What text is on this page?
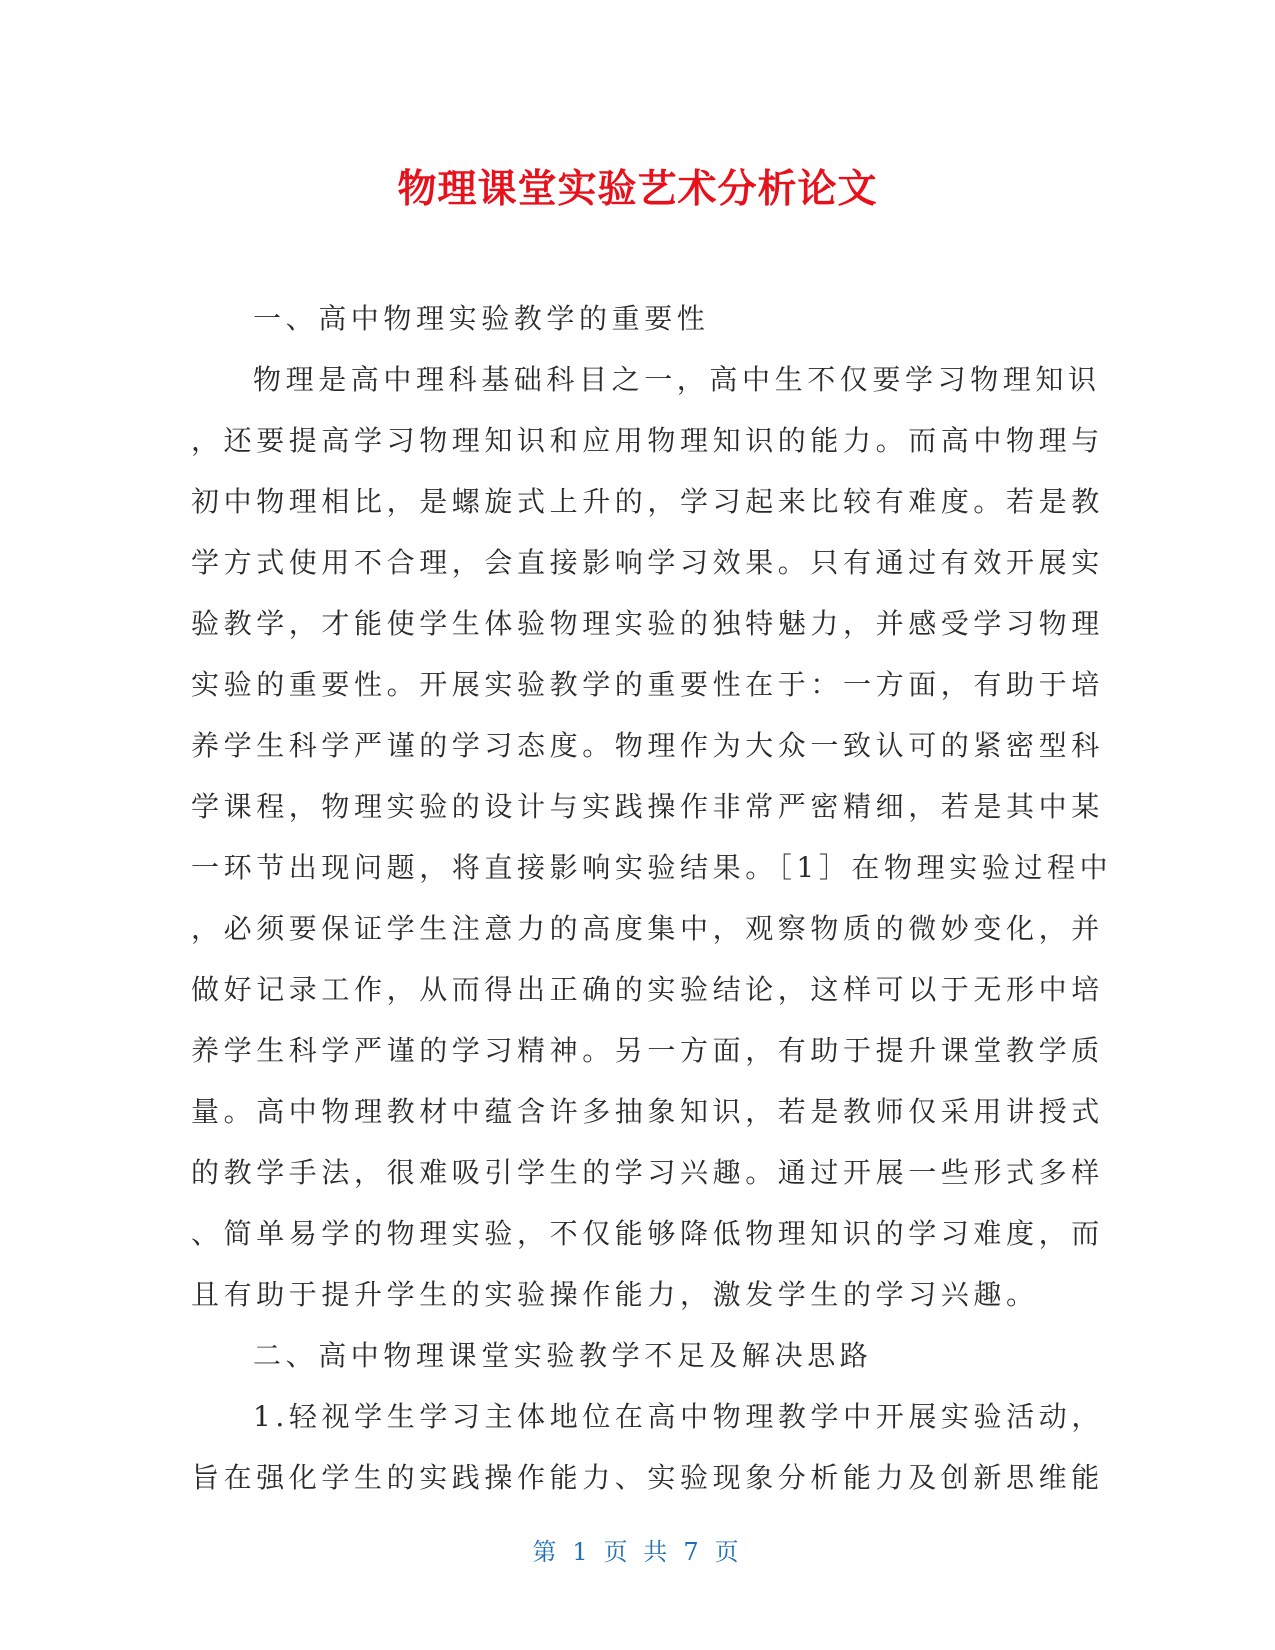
物理课堂实验艺术分析论文
一、高中物理实验教学的重要性
物理是高中理科基础科目之一，高中生不仅要学习物理知识
，还要提高学习物理知识和应用物理知识的能力。而高中物理与
初中物理相比，是螺旋式上升的，学习起来比较有难度。若是教
学方式使用不合理，会直接影响学习效果。只有通过有效开展实
验教学，才能使学生体验物理实验的独特魅力，并感受学习物理
实验的重要性。开展实验教学的重要性在于：一方面，有助于培
养学生科学严谨的学习态度。物理作为大众一致认可的紧密型科
学课程，物理实验的设计与实践操作非常严密精细，若是其中某
一环节出现问题，将直接影响实验结果。［1］在物理实验过程中
，必须要保证学生注意力的高度集中，观察物质的微妙变化，并
做好记录工作，从而得出正确的实验结论，这样可以于无形中培
养学生科学严谨的学习精神。另一方面，有助于提升课堂教学质
量。高中物理教材中蕴含许多抽象知识，若是教师仅采用讲授式
的教学手法，很难吸引学生的学习兴趣。通过开展一些形式多样
、简单易学的物理实验，不仅能够降低物理知识的学习难度，而
且有助于提升学生的实验操作能力，激发学生的学习兴趣。
二、高中物理课堂实验教学不足及解决思路
1.轻视学生学习主体地位在高中物理教学中开展实验活动，
旨在强化学生的实践操作能力、实验现象分析能力及创新思维能
第 1 页 共 7 页
